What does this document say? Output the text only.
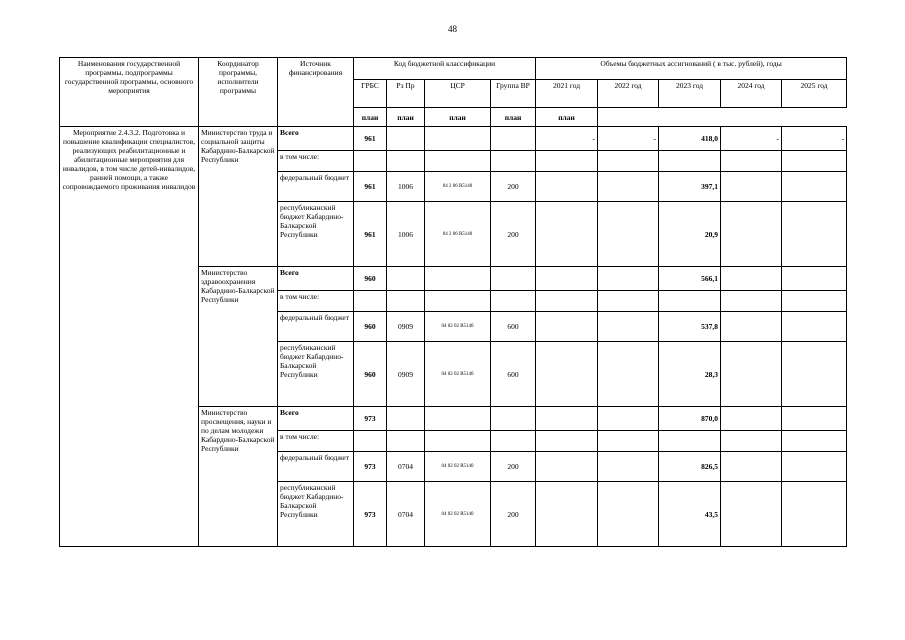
48
Наименования государственной программы, подпрограммы государственной программы, основного мероприятия	Координатор программы, исполнители программы	Источник финансирования	Код бюджетной классификации				Объемы бюджетных ассигнований ( в тыс. рублей), годы				
			ГРБС	Рз Пр	ЦСР	Группа ВР	2021 год	2022 год	2023 год	2024 год	2025 год
			план	план	план	план	план				
Мероприятие 2.4.3.2. Подготовка и повышение квалификации специалистов, реализующих реабилитационные и абилитационные мероприятия для инвалидов, в том числе детей-инвалидов, ранней помощи, а также сопровождаемого проживания инвалидов	Министерство труда и социальной защиты Кабардино-Балкарской Республики	Всего	961				-	-	418,0	-	-
		в том числе:									
		федеральный бюджет	961	1006	04 2 06 R5140	200			397,1		
		республиканский бюджет Кабардино-Балкарской Республики	961	1006	04 2 06 R5140	200			20,9		
	Министерство здравоохранения Кабардино-Балкарской Республики	Всего	960						566,1		
		в том числе:									
		федеральный бюджет	960	0909	04 02 02 R5140	600			537,8		
		республиканский бюджет Кабардино-Балкарской Республики	960	0909	04 02 02 R5140	600			28,3		
	Министерство просвещения, науки и по делам молодежи Кабардино-Балкарской Республики	Всего	973						870,0		
		в том числе:									
		федеральный бюджет	973	0704	04 02 02 R5140	200			826,5		
		республиканский бюджет Кабардино-Балкарской Республики	973	0704	04 02 02 R5140	200			43,5		
